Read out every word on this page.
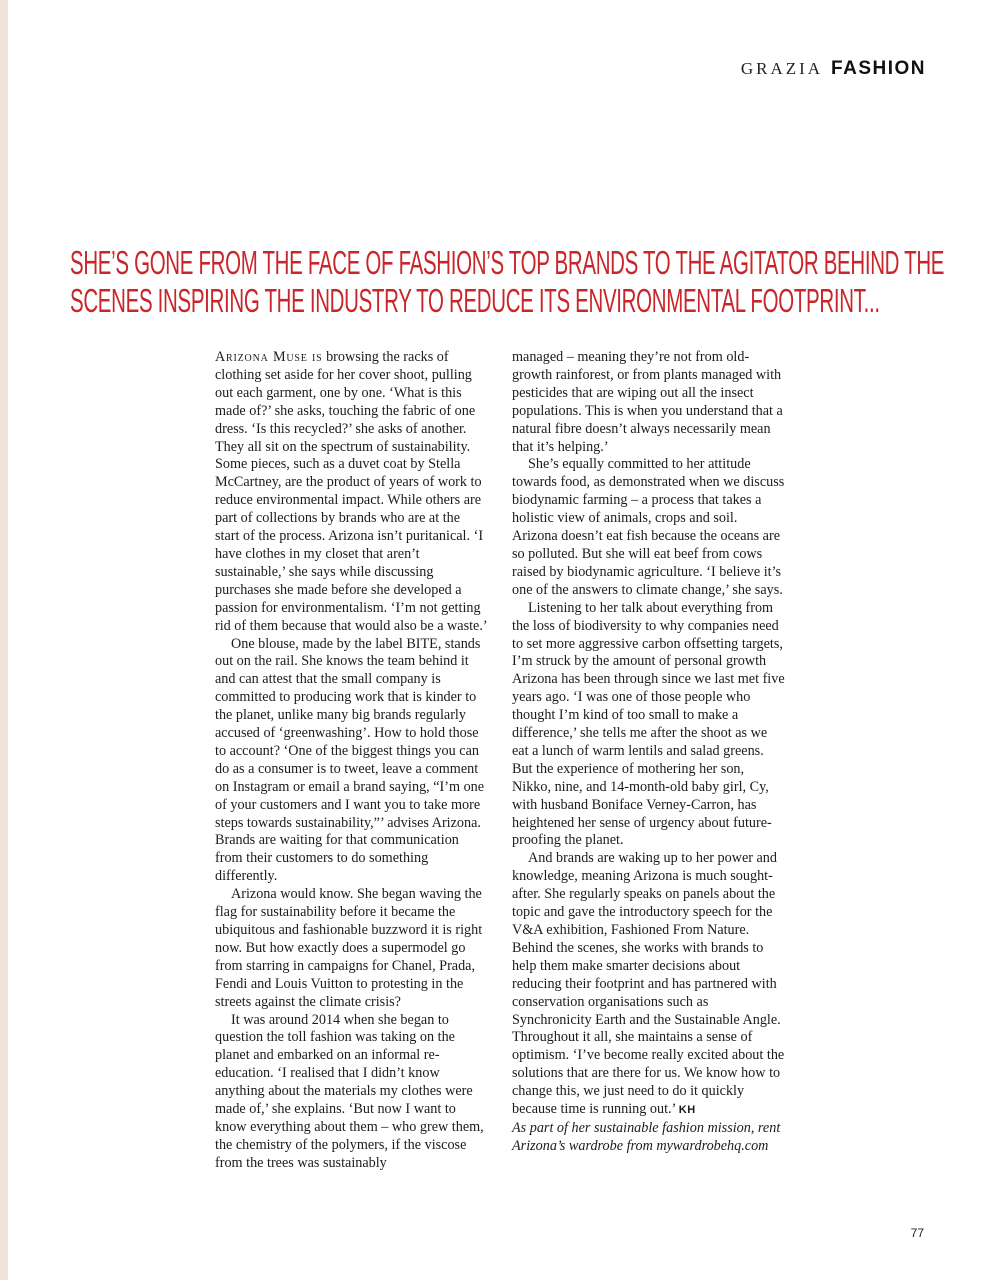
GRAZIA FASHION
SHE’S GONE FROM THE FACE OF FASHION’S TOP BRANDS TO THE AGITATOR BEHIND THE
SCENES INSPIRING THE INDUSTRY TO REDUCE ITS ENVIRONMENTAL FOOTPRINT...

Arizona Muse is browsing the racks of clothing set aside for her cover shoot, pulling out each garment, one by one. ‘What is this made of?’ she asks, touching the fabric of one dress. ‘Is this recycled?’ she asks of another. They all sit on the spectrum of sustainability. Some pieces, such as a duvet coat by Stella McCartney, are the product of years of work to reduce environmental impact. While others are part of collections by brands who are at the start of the process. Arizona isn’t puritanical. ‘I have clothes in my closet that aren’t sustainable,’ she says while discussing purchases she made before she developed a passion for environmentalism. ‘I’m not getting rid of them because that would also be a waste.’

One blouse, made by the label BITE, stands out on the rail. She knows the team behind it and can attest that the small company is committed to producing work that is kinder to the planet, unlike many big brands regularly accused of ‘greenwashing’. How to hold those to account? ‘One of the biggest things you can do as a consumer is to tweet, leave a comment on Instagram or email a brand saying, “I’m one of your customers and I want you to take more steps towards sustainability,”’ advises Arizona. Brands are waiting for that communication from their customers to do something differently.

Arizona would know. She began waving the flag for sustainability before it became the ubiquitous and fashionable buzzword it is right now. But how exactly does a supermodel go from starring in campaigns for Chanel, Prada, Fendi and Louis Vuitton to protesting in the streets against the climate crisis?

It was around 2014 when she began to question the toll fashion was taking on the planet and embarked on an informal re-education. ‘I realised that I didn’t know anything about the materials my clothes were made of,’ she explains. ‘But now I want to know everything about them – who grew them, the chemistry of the polymers, if the viscose from the trees was sustainably

managed – meaning they’re not from old-growth rainforest, or from plants managed with pesticides that are wiping out all the insect populations. This is when you understand that a natural fibre doesn’t always necessarily mean that it’s helping.’

She’s equally committed to her attitude towards food, as demonstrated when we discuss biodynamic farming – a process that takes a holistic view of animals, crops and soil. Arizona doesn’t eat fish because the oceans are so polluted. But she will eat beef from cows raised by biodynamic agriculture. ‘I believe it’s one of the answers to climate change,’ she says.

Listening to her talk about everything from the loss of biodiversity to why companies need to set more aggressive carbon offsetting targets, I’m struck by the amount of personal growth Arizona has been through since we last met five years ago. ‘I was one of those people who thought I’m kind of too small to make a difference,’ she tells me after the shoot as we eat a lunch of warm lentils and salad greens. But the experience of mothering her son, Nikko, nine, and 14-month-old baby girl, Cy, with husband Boniface Verney-Carron, has heightened her sense of urgency about future-proofing the planet.

And brands are waking up to her power and knowledge, meaning Arizona is much sought-after. She regularly speaks on panels about the topic and gave the introductory speech for the V&A exhibition, Fashioned From Nature. Behind the scenes, she works with brands to help them make smarter decisions about reducing their footprint and has partnered with conservation organisations such as Synchronicity Earth and the Sustainable Angle. Throughout it all, she maintains a sense of optimism. ‘I’ve become really excited about the solutions that are there for us. We know how to change this, we just need to do it quickly because time is running out.’ KH

As part of her sustainable fashion mission, rent Arizona’s wardrobe from mywardrobehq.com

77
